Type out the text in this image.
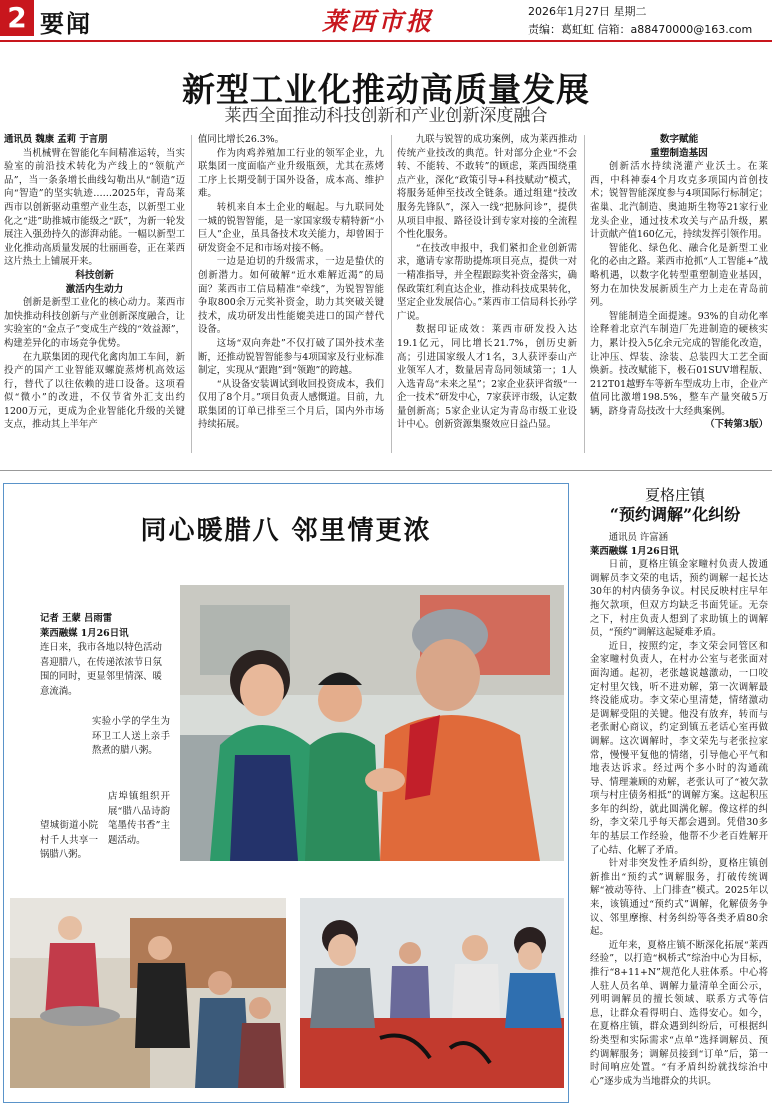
2 要闻	莱西市报	2026年1月27日 星期二
责编：葛虹虹 信箱：a88470000@163.com
新型工业化推动高质量发展
莱西全面推动科技创新和产业创新深度融合

通讯员 魏康 孟莉 于言朋

当机械臂在智能化车间精准运转，当实验室的前沿技术转化为产线上的“领航产品”，当一条条增长曲线勾勒出从“制造”迈向“智造”的坚实轨迹……2025年，青岛莱西市以创新驱动重塑产业生态，以新型工业化之“进”助推城市能级之“跃”，为新一轮发展注入强劲持久的澎湃动能。一幅以新型工业化推动高质量发展的壮丽画卷，正在莱西这片热土上铺展开来。

科技创新

激活内生动力

创新是新型工业化的核心动力。莱西市加快推动科技创新与产业创新深度融合，让实验室的“金点子”变成生产线的“效益源”，构建差异化的市场竞争优势。

在九联集团的现代化禽肉加工车间，新投产的国产工业智能双螺旋蒸烤机高效运行，替代了以往依赖的进口设备。这项看似“微小”的改进，不仅节省外汇支出约1200万元，更成为企业智能化升级的关键支点，推动其上半年产

值同比增长26.3%。

作为肉鸡养殖加工行业的领军企业，九联集团一度面临产业升级瓶颈，尤其在蒸烤工序上长期受制于国外设备，成本高、维护难。

转机来自本土企业的崛起。与九联同处一城的锐智智能，是一家国家级专精特新“小巨人”企业，虽具备技术攻关能力，却曾困于研发资金不足和市场对接不畅。

一边是迫切的升级需求，一边是蛰伏的创新潜力。如何破解“近水难解近渴”的局面？莱西市工信局精准“牵线”，为锐智智能争取800余万元奖补资金，助力其突破关键技术，成功研发出性能媲美进口的国产替代设备。

这场“双向奔赴”不仅打破了国外技术垄断，还推动锐智智能参与4项国家及行业标准制定，实现从“跟跑”到“领跑”的跨越。

“从设备安装调试到收回投资成本，我们仅用了8个月。”项目负责人感慨道。目前，九联集团的订单已排至三个月后，国内外市场持续拓展。

九联与锐智的成功案例，成为莱西推动传统产业技改的典范。针对部分企业“不会转、不能转、不敢转”的顾虑，莱西围绕重点产业，深化“政策引导+科技赋动”模式，将服务延伸至技改全链条。通过组建“技改服务先锋队”，深入一线“把脉问诊”，提供从项目申报、路径设计到专家对接的全流程个性化服务。

“在技改申报中，我们紧扣企业创新需求，邀请专家帮助提炼项目亮点，提供一对一精准指导，并全程跟踪奖补资金落实，确保政策红利直达企业，推动科技成果转化，坚定企业发展信心。”莱西市工信局科长孙学广说。

数据印证成效：莱西市研发投入达19.1亿元，同比增长21.7%，创历史新高；引进国家级人才1名，3人获评泰山产业领军人才，数量居青岛同领域第一；1人入选青岛“未来之星”；2家企业获评省级“一企一技术”研发中心，7家获评市级，认定数量创新高；5家企业认定为青岛市级工业设计中心。创新资源集聚效应日益凸显。

数字赋能

重塑制造基因

创新活水持续浇灌产业沃土。在莱西，中科神泰4个月攻克多项国内首创技术；锐智智能深度参与4项国际行标制定；雀巢、北汽制造、奥迪斯生物等21家行业龙头企业，通过技术攻关与产品升级，累计贡献产值160亿元，持续发挥引领作用。

智能化、绿色化、融合化是新型工业化的必由之路。莱西市抢抓“人工智能+”战略机遇，以数字化转型重塑制造业基因，努力在加快发展新质生产力上走在青岛前列。

智能制造全面提速。93%的自动化率诠释着北京汽车制造厂先进制造的硬核实力，累计投入5亿余元完成的智能化改造，让冲压、焊装、涂装、总装四大工艺全面焕新。技改赋能下，极石01SUV增程版、212T01越野车等新车型成功上市，企业产值同比激增198.5%，整车产量突破5万辆，跻身青岛技改十大经典案例。

（下转第3版）

同心暖腊八 邻里情更浓

记者 王蒙 吕雨雷

莱西融媒 1月26日讯

连日来，我市各地以特色活动喜迎腊八，在传递浓浓节日氛围的同时，更显邻里情深、暖意流淌。

实验小学的学生为环卫工人送上亲手熬煮的腊八粥。
望城街道小院村千人共享一锅腊八粥。
店埠镇组织开展“腊八品诗韵 笔墨传书香”主题活动。
夏格庄镇
“预约调解”化纠纷

通讯员 许富涵

莱西融媒 1月26日讯

日前，夏格庄镇金家疃村负责人拨通调解员李文荣的电话，预约调解一起长达30年的村内债务争议。村民反映村庄早年拖欠款项，但双方均缺乏书面凭证。无奈之下，村庄负责人想到了求助镇上的调解员，“预约”调解这起疑难矛盾。

近日，按照约定，李文荣会同管区和金家疃村负责人，在村办公室与老张面对面沟通。起初，老张越说越激动，一口咬定村里欠钱，听不进劝解，第一次调解最终没能成功。李文荣心里清楚，情绪激动是调解受阻的关键。他没有放弃，转而与老张耐心商议，约定到镇五老话心室再做调解。这次调解时，李文荣先与老张拉家常，慢慢平复他的情绪，引导他心平气和地表达诉求。经过两个多小时的沟通疏导、情理兼顾的劝解，老张认可了“被欠款项与村庄债务相抵”的调解方案。这起积压多年的纠纷，就此圆满化解。像这样的纠纷，李文荣几乎每天都会遇到。凭借30多年的基层工作经验，他帮不少老百姓解开了心结、化解了矛盾。

针对非突发性矛盾纠纷，夏格庄镇创新推出“预约式”调解服务，打破传统调解“被动等待、上门排查”模式。2025年以来，该镇通过“预约式”调解，化解债务争议、邻里摩擦、村务纠纷等各类矛盾80余起。

近年来，夏格庄镇不断深化拓展“莱西经验”，以打造“枫桥式”综治中心为目标，推行“8+11+N”规范化人驻体系。中心将人驻人员名单、调解力量清单全面公示，列明调解员的擅长领域、联系方式等信息，让群众看得明白、选得安心。如今，在夏格庄镇，群众遇到纠纷后，可根据纠纷类型和实际需求“点单”选择调解员、预约调解服务；调解员接到“订单”后，第一时间响应处置。“有矛盾纠纷就找综治中心”逐步成为当地群众的共识。
